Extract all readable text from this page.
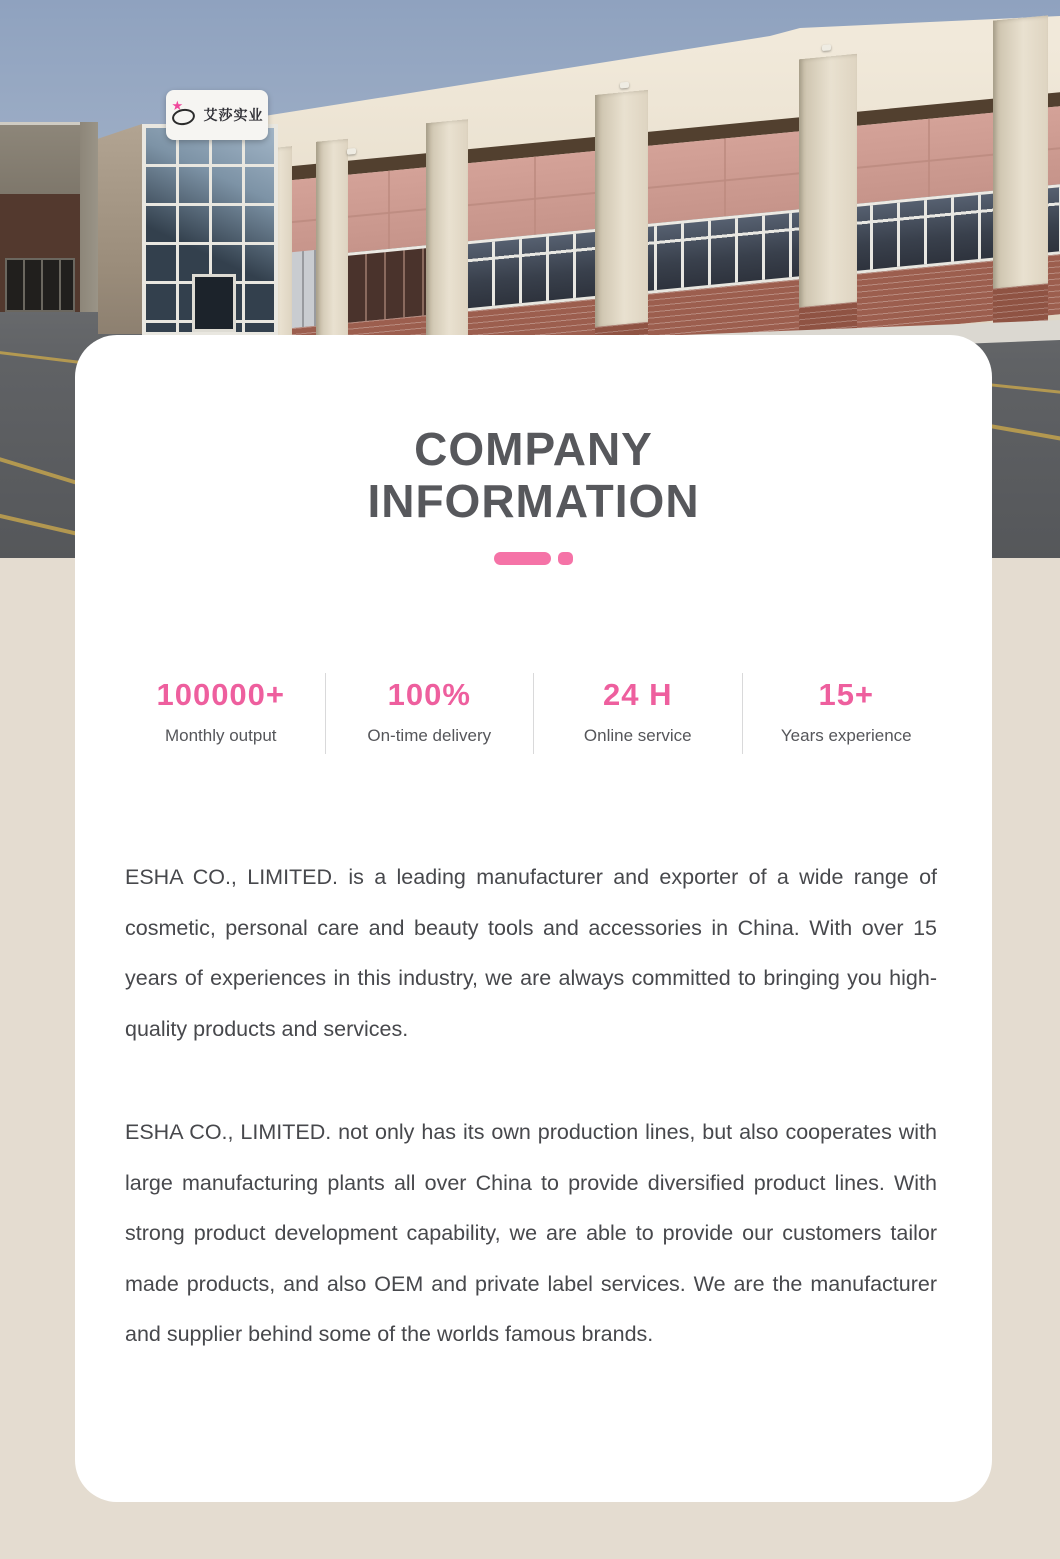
★
艾莎实业
COMPANY
INFORMATION
100000+
Monthly output
100%
On-time delivery
24 H
Online service
15+
Years experience

ESHA CO., LIMITED. is a leading manufacturer and exporter of a wide range of cosmetic, personal care and beauty tools and accessories in China. With over 15 years of experiences in this industry, we are always committed to bringing you high-quality products and services.

ESHA CO., LIMITED. not only has its own production lines, but also cooperates with large manufacturing plants all over China to provide diversified product lines. With strong product development capability, we are able to provide our customers tailor made products, and also OEM and private label services. We are the manufacturer and supplier behind some of the worlds famous brands.
